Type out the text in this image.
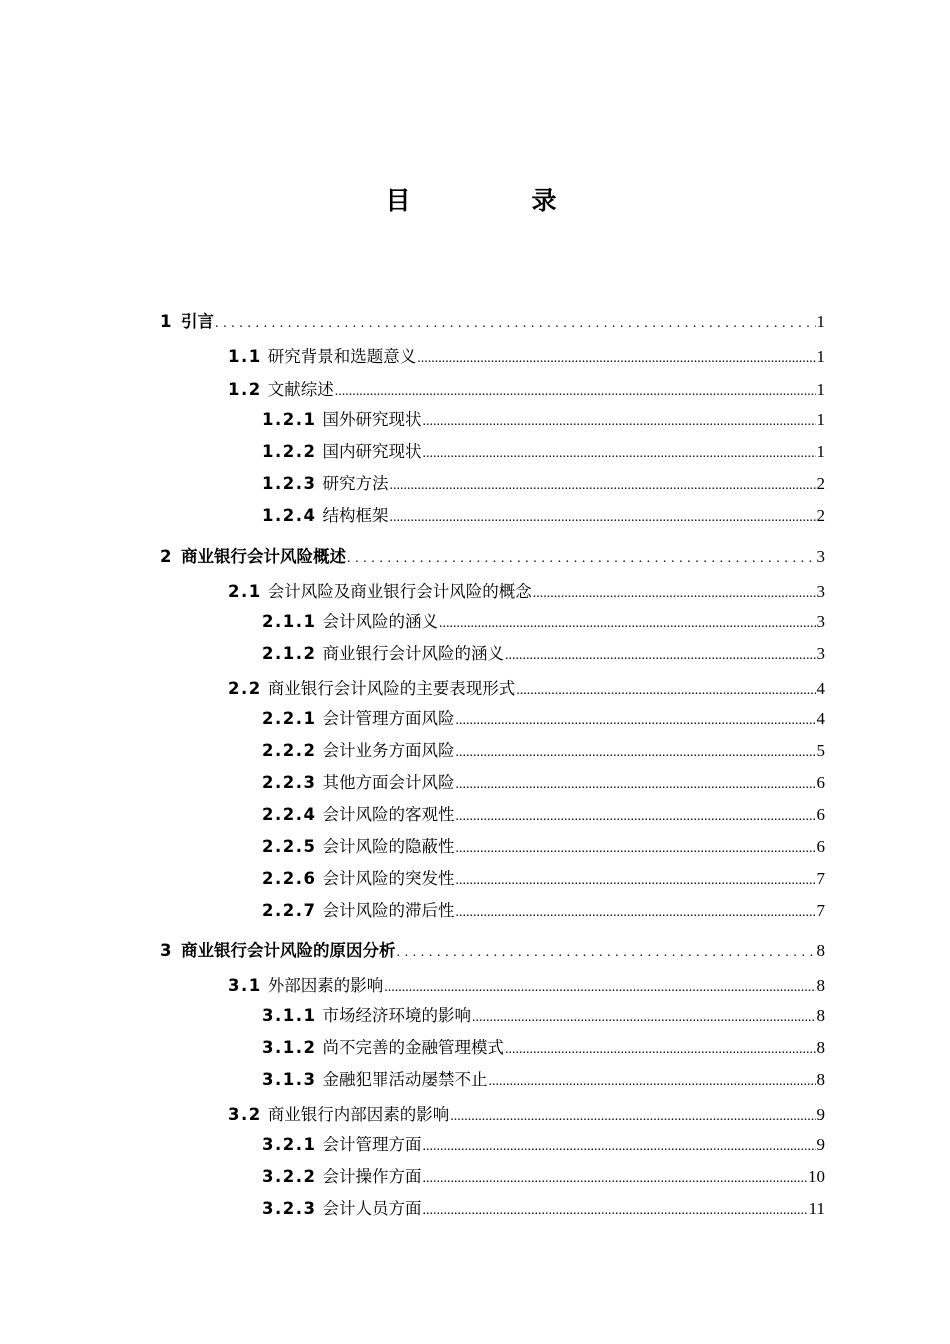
目　录
1 引言 .....	1
1.1 研究背景和选题意义 .....	1
1.2 文献综述 .....	1
1.2.1 国外研究现状 .....	1
1.2.2 国内研究现状 .....	1
1.2.3 研究方法 .....	2
1.2.4 结构框架 .....	2
2 商业银行会计风险概述 .....	3
2.1 会计风险及商业银行会计风险的概念 .....	3
2.1.1 会计风险的涵义 .....	3
2.1.2 商业银行会计风险的涵义 .....	3
2.2 商业银行会计风险的主要表现形式 .....	4
2.2.1 会计管理方面风险 .....	4
2.2.2 会计业务方面风险 .....	5
2.2.3 其他方面会计风险 .....	6
2.2.4 会计风险的客观性 .....	6
2.2.5 会计风险的隐蔽性 .....	6
2.2.6 会计风险的突发性 .....	7
2.2.7 会计风险的滞后性 .....	7
3 商业银行会计风险的原因分析 .....	8
3.1 外部因素的影响 .....	8
3.1.1 市场经济环境的影响 .....	8
3.1.2 尚不完善的金融管理模式 .....	8
3.1.3 金融犯罪活动屡禁不止 .....	8
3.2 商业银行内部因素的影响 .....	9
3.2.1 会计管理方面 .....	9
3.2.2 会计操作方面 .....	10
3.2.3 会计人员方面 .....	11
